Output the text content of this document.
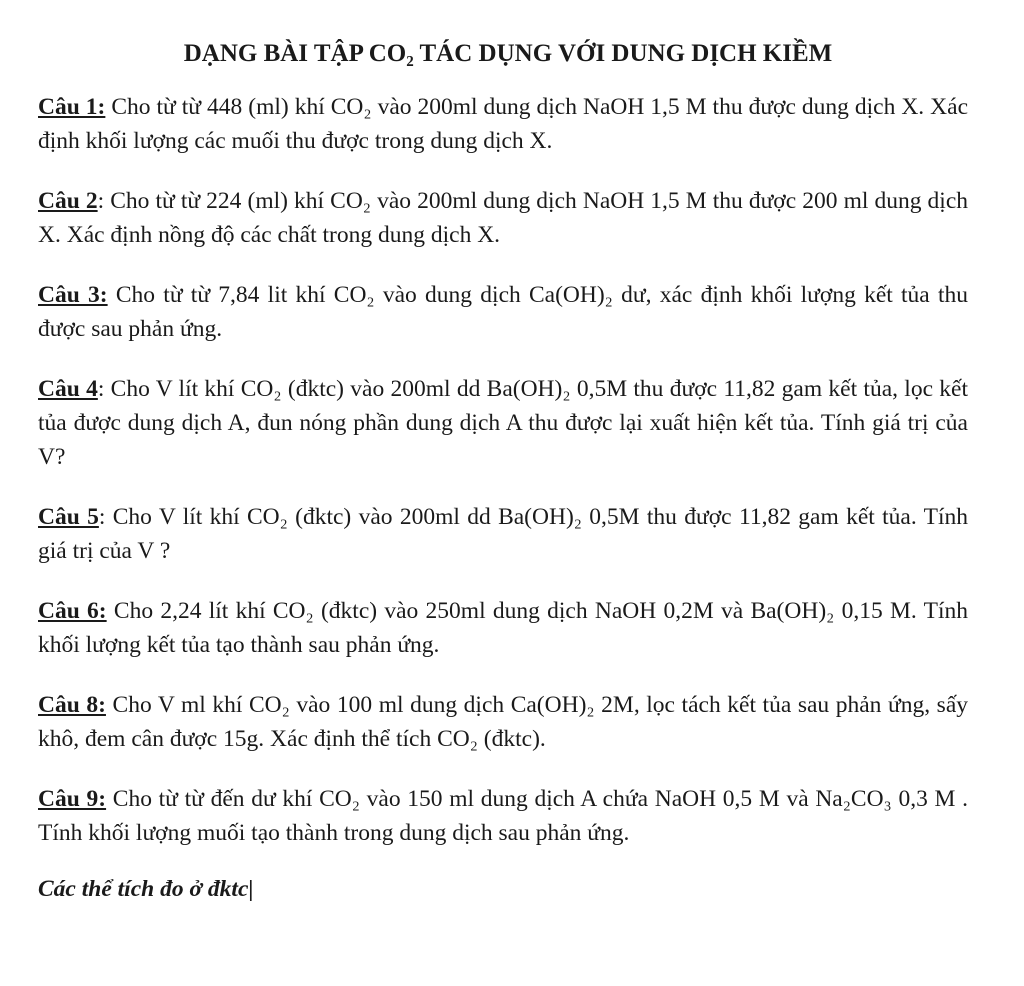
DẠNG BÀI TẬP CO₂ TÁC DỤNG VỚI DUNG DỊCH KIỀM
Câu 1: Cho từ từ 448 (ml) khí CO₂ vào 200ml dung dịch NaOH 1,5 M thu được dung dịch X. Xác định khối lượng các muối thu được trong dung dịch X.
Câu 2: Cho từ từ 224 (ml) khí CO₂ vào 200ml dung dịch NaOH 1,5 M thu được 200 ml dung dịch X. Xác định nồng độ các chất trong dung dịch X.
Câu 3: Cho từ từ 7,84 lit khí CO₂ vào dung dịch Ca(OH)₂ dư, xác định khối lượng kết tủa thu được sau phản ứng.
Câu 4: Cho V lít khí CO₂ (đktc) vào 200ml dd Ba(OH)₂ 0,5M thu được 11,82 gam kết tủa, lọc kết tủa được dung dịch A, đun nóng phần dung dịch A thu được lại xuất hiện kết tủa. Tính giá trị của V?
Câu 5: Cho V lít khí CO₂ (đktc) vào 200ml dd Ba(OH)₂ 0,5M thu được 11,82 gam kết tủa. Tính giá trị của V ?
Câu 6: Cho 2,24 lít khí CO₂ (đktc) vào 250ml dung dịch NaOH 0,2M và Ba(OH)₂ 0,15 M. Tính khối lượng kết tủa tạo thành sau phản ứng.
Câu 8: Cho V ml khí CO₂ vào 100 ml dung dịch Ca(OH)₂ 2M, lọc tách kết tủa sau phản ứng, sấy khô, đem cân được 15g. Xác định thể tích CO₂ (đktc).
Câu 9: Cho từ từ đến dư khí CO₂ vào 150 ml dung dịch A chứa NaOH 0,5 M và Na₂CO₃ 0,3 M . Tính khối lượng muối tạo thành trong dung dịch sau phản ứng.
Các thể tích đo ở đktc|
